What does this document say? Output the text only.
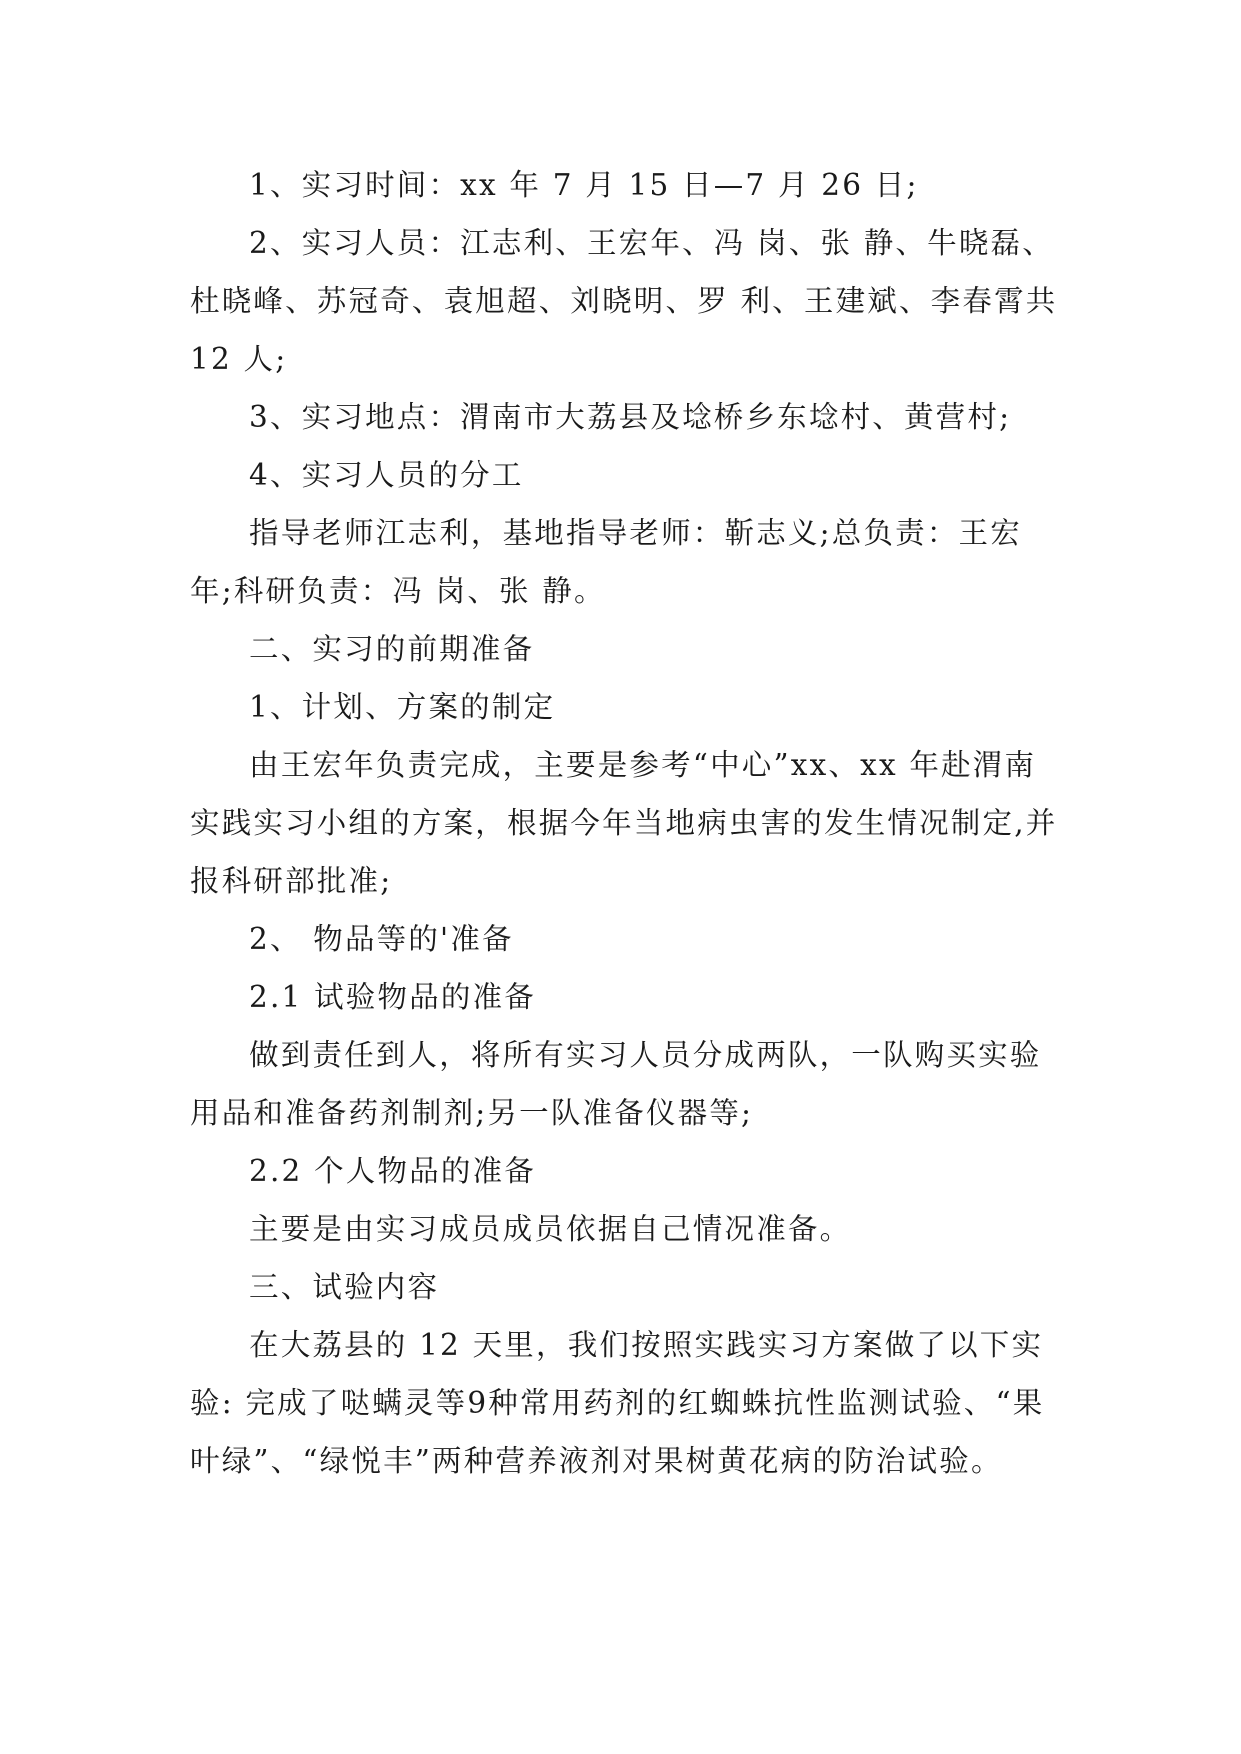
1、实习时间：xx 年 7 月 15 日—7 月 26 日;

2、实习人员：江志利、王宏年、冯 岗、张 静、牛晓磊、杜晓峰、苏冠奇、袁旭超、刘晓明、罗 利、王建斌、李春霄共 12 人;

3、实习地点：渭南市大荔县及埝桥乡东埝村、黄营村;

4、实习人员的分工

指导老师江志利，基地指导老师：靳志义;总负责：王宏年;科研负责：冯 岗、张 静。

二、实习的前期准备

1、计划、方案的制定

由王宏年负责完成，主要是参考“中心”xx、xx 年赴渭南实践实习小组的方案，根据今年当地病虫害的发生情况制定,并报科研部批准;

2、 物品等的'准备

2.1 试验物品的准备

做到责任到人，将所有实习人员分成两队，一队购买实验用品和准备药剂制剂;另一队准备仪器等;

2.2 个人物品的准备

主要是由实习成员成员依据自己情况准备。

三、试验内容

在大荔县的 12 天里，我们按照实践实习方案做了以下实验: 完成了哒螨灵等9种常用药剂的红蜘蛛抗性监测试验、“果叶绿”、“绿悦丰”两种营养液剂对果树黄花病的防治试验。
